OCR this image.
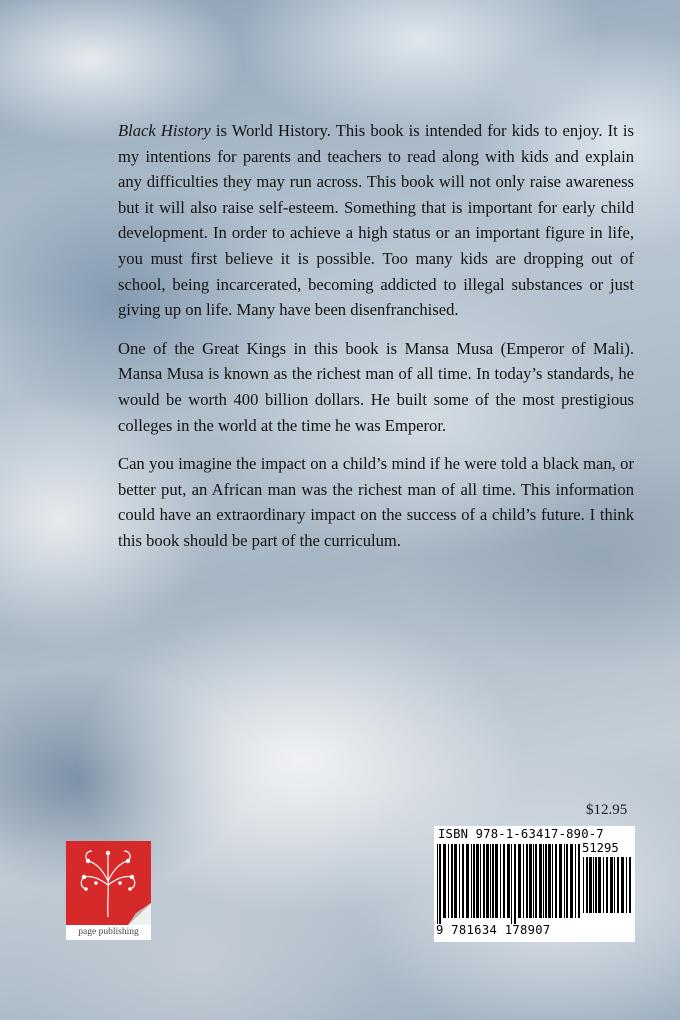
Black History is World History. This book is intended for kids to enjoy. It is my intentions for parents and teachers to read along with kids and explain any difficulties they may run across. This book will not only raise awareness but it will also raise self-esteem. Something that is important for early child development. In order to achieve a high status or an important figure in life, you must first believe it is possible. Too many kids are dropping out of school, being incarcerated, becoming addicted to illegal substances or just giving up on life. Many have been disenfranchised.

One of the Great Kings in this book is Mansa Musa (Emperor of Mali). Mansa Musa is known as the richest man of all time. In today’s standards, he would be worth 400 billion dollars. He built some of the most prestigious colleges in the world at the time he was Emperor.

Can you imagine the impact on a child’s mind if he were told a black man, or better put, an African man was the richest man of all time. This information could have an extraordinary impact on the success of a child’s future. I think this book should be part of the curriculum.

$12.95
ISBN 978-1-63417-890-7
51295
9 781634 178907
page publishing
